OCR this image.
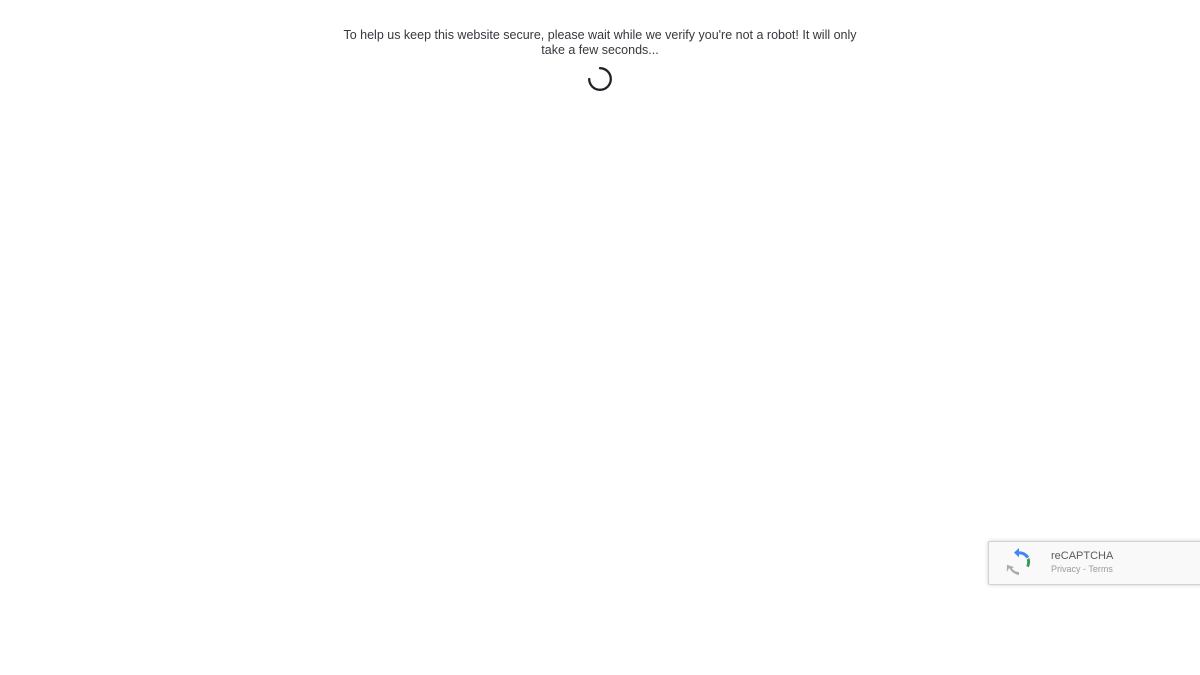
To help us keep this website secure, please wait while we verify you're not a robot! It will only take a few seconds...
reCAPTCHA
Privacy - Terms
